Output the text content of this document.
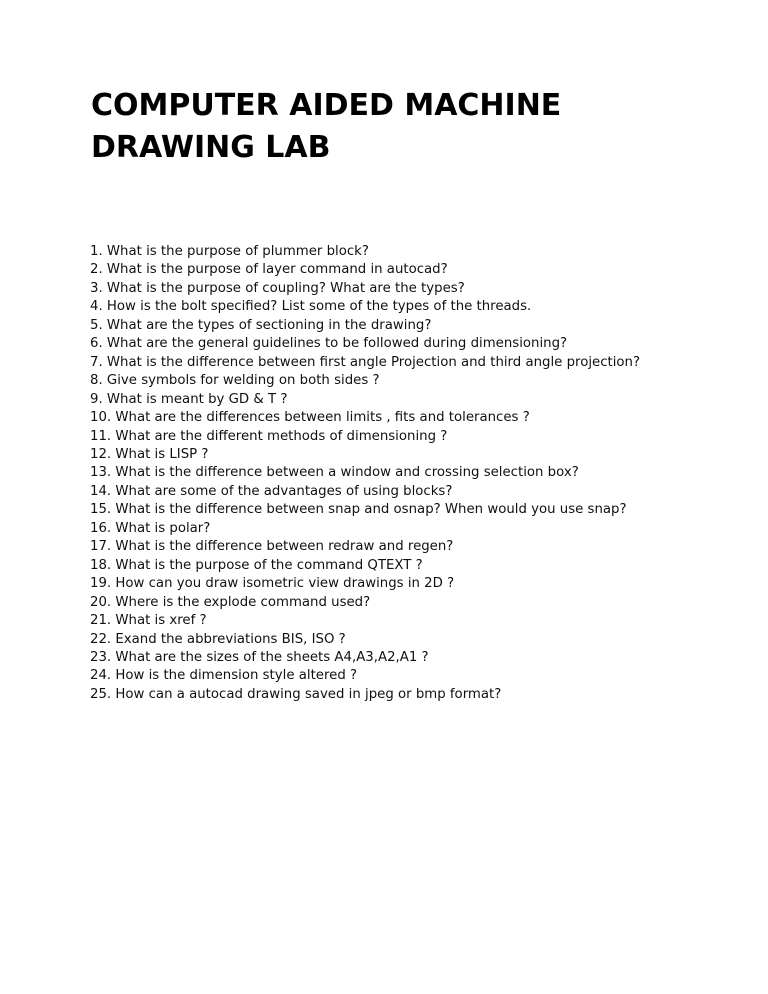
COMPUTER AIDED MACHINE
DRAWING LAB
1. What is the purpose of plummer block?
2. What is the purpose of layer command in autocad?
3. What is the purpose of coupling? What are the types?
4. How is the bolt specified? List some of the types of the threads.
5. What are the types of sectioning in the drawing?
6. What are the general guidelines to be followed during dimensioning?
7. What is the difference between first angle Projection and third angle projection?
8. Give symbols for welding on both sides ?
9. What is meant by GD & T ?
10. What are the differences between limits , fits and tolerances ?
11. What are the different methods of dimensioning ?
12. What is LISP ?
13. What is the difference between a window and crossing selection box?
14. What are some of the advantages of using blocks?
15. What is the difference between snap and osnap? When would you use snap?
16. What is polar?
17. What is the difference between redraw and regen?
18. What is the purpose of the command QTEXT ?
19. How can you draw isometric view drawings in 2D ?
20. Where is the explode command used?
21. What is xref ?
22. Exand the abbreviations BIS, ISO ?
23. What are the sizes of the sheets A4,A3,A2,A1 ?
24. How is the dimension style altered ?
25. How can a autocad drawing saved in jpeg or bmp format?
